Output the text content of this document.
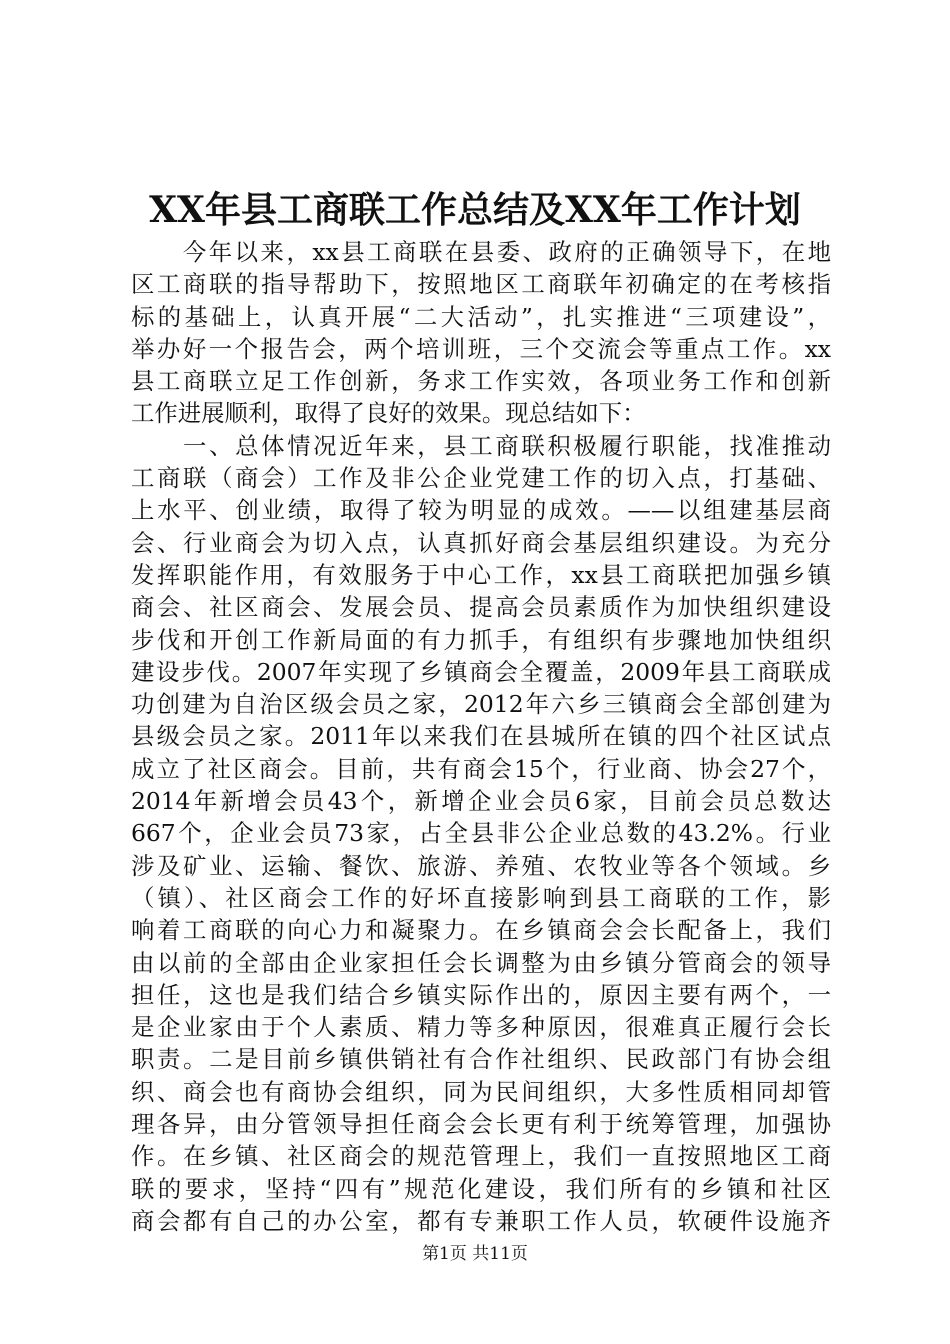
XX年县工商联工作总结及XX年工作计划
　　今年以来，xx县工商联在县委、政府的正确领导下，在地
区工商联的指导帮助下，按照地区工商联年初确定的在考核指
标的基础上，认真开展“二大活动”，扎实推进“三项建设”，
举办好一个报告会，两个培训班，三个交流会等重点工作。xx
县工商联立足工作创新，务求工作实效，各项业务工作和创新
工作进展顺利，取得了良好的效果。现总结如下：
　　一、总体情况近年来，县工商联积极履行职能，找准推动
工商联（商会）工作及非公企业党建工作的切入点，打基础、
上水平、创业绩，取得了较为明显的成效。——以组建基层商
会、行业商会为切入点，认真抓好商会基层组织建设。为充分
发挥职能作用，有效服务于中心工作，xx县工商联把加强乡镇
商会、社区商会、发展会员、提高会员素质作为加快组织建设
步伐和开创工作新局面的有力抓手，有组织有步骤地加快组织
建设步伐。2007年实现了乡镇商会全覆盖，2009年县工商联成
功创建为自治区级会员之家，2012年六乡三镇商会全部创建为
县级会员之家。2011年以来我们在县城所在镇的四个社区试点
成立了社区商会。目前，共有商会15个，行业商、协会27个，
2014年新增会员43个，新增企业会员6家，目前会员总数达
667个，企业会员73家，占全县非公企业总数的43.2%。行业
涉及矿业、运输、餐饮、旅游、养殖、农牧业等各个领域。乡
（镇）、社区商会工作的好坏直接影响到县工商联的工作，影
响着工商联的向心力和凝聚力。在乡镇商会会长配备上，我们
由以前的全部由企业家担任会长调整为由乡镇分管商会的领导
担任，这也是我们结合乡镇实际作出的，原因主要有两个，一
是企业家由于个人素质、精力等多种原因，很难真正履行会长
职责。二是目前乡镇供销社有合作社组织、民政部门有协会组
织、商会也有商协会组织，同为民间组织，大多性质相同却管
理各异，由分管领导担任商会会长更有利于统筹管理，加强协
作。在乡镇、社区商会的规范管理上，我们一直按照地区工商
联的要求，坚持“四有”规范化建设，我们所有的乡镇和社区
商会都有自己的办公室，都有专兼职工作人员，软硬件设施齐
第1页 共11页
